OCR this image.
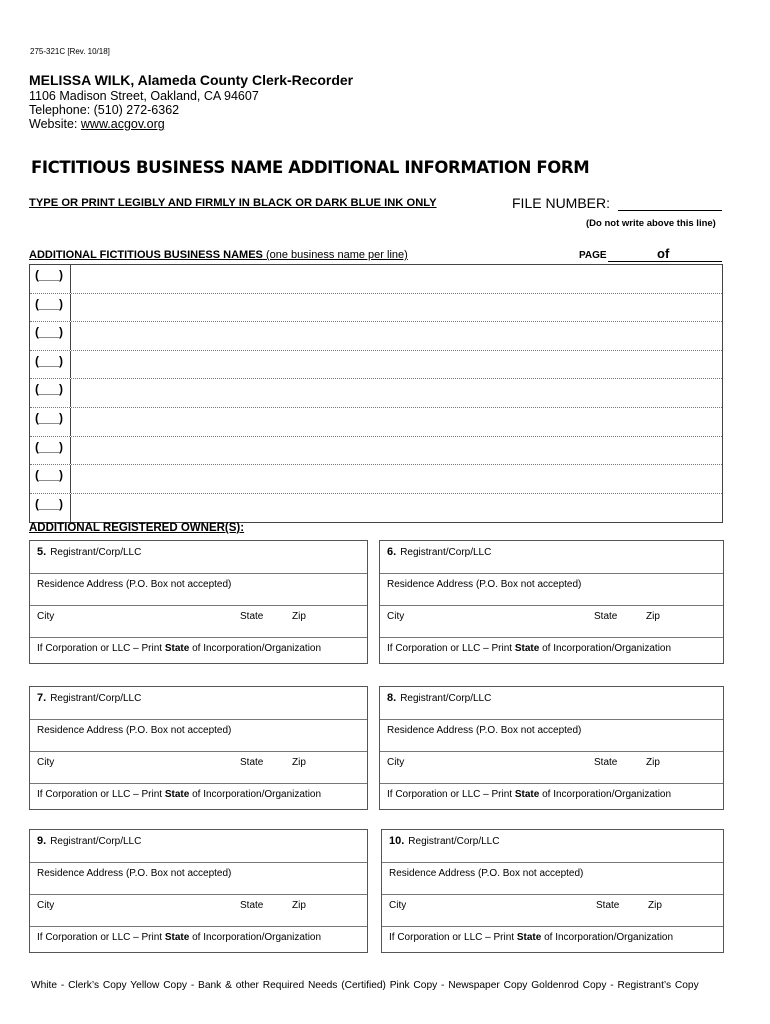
275-321C [Rev. 10/18]
MELISSA WILK, Alameda County Clerk-Recorder
1106 Madison Street, Oakland, CA 94607
Telephone: (510) 272-6362
Website: www.acgov.org
FICTITIOUS BUSINESS NAME ADDITIONAL INFORMATION FORM
TYPE OR PRINT LEGIBLY AND FIRMLY IN BLACK OR DARK BLUE INK ONLY	FILE NUMBER:
(Do not write above this line)
ADDITIONAL FICTITIOUS BUSINESS NAMES (one business name per line)	PAGE	of
(___)
(___)
(___)
(___)
(___)
(___)
(___)
(___)
(___)
ADDITIONAL REGISTERED OWNER(S):
5. Registrant/Corp/LLC
Residence Address (P.O. Box not accepted)
City	State	Zip
If Corporation or LLC – Print State of Incorporation/Organization
6. Registrant/Corp/LLC
Residence Address (P.O. Box not accepted)
City	State	Zip
If Corporation or LLC – Print State of Incorporation/Organization
7. Registrant/Corp/LLC
Residence Address (P.O. Box not accepted)
City	State	Zip
If Corporation or LLC – Print State of Incorporation/Organization
8. Registrant/Corp/LLC
Residence Address (P.O. Box not accepted)
City	State	Zip
If Corporation or LLC – Print State of Incorporation/Organization
9. Registrant/Corp/LLC
Residence Address (P.O. Box not accepted)
City	State	Zip
If Corporation or LLC – Print State of Incorporation/Organization
10. Registrant/Corp/LLC
Residence Address (P.O. Box not accepted)
City	State	Zip
If Corporation or LLC – Print State of Incorporation/Organization
White - Clerk’s Copy Yellow Copy - Bank & other Required Needs (Certified) Pink Copy - Newspaper Copy Goldenrod Copy - Registrant’s Copy
